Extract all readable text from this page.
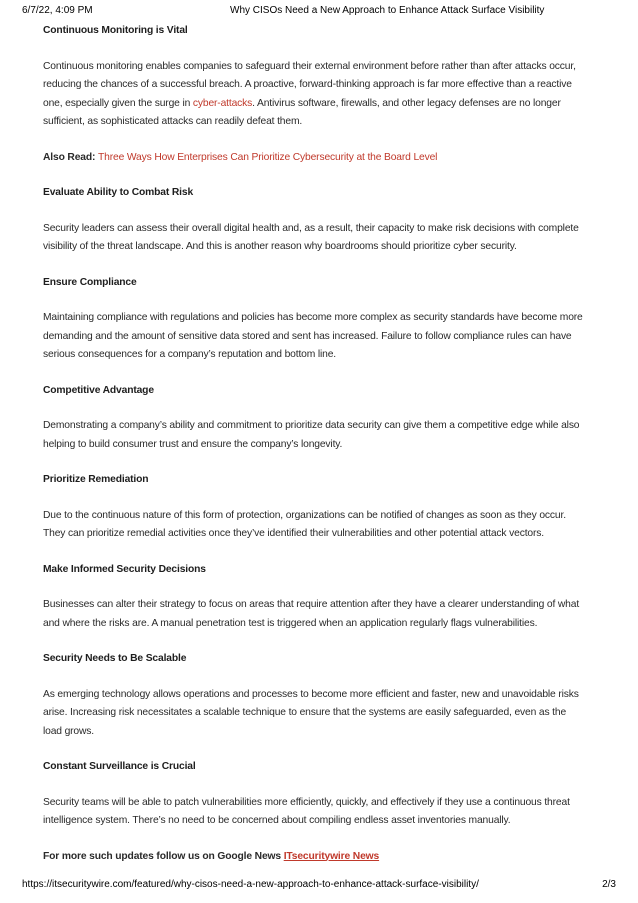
6/7/22, 4:09 PM	Why CISOs Need a New Approach to Enhance Attack Surface Visibility

Continuous Monitoring is Vital

Continuous monitoring enables companies to safeguard their external environment before rather than after attacks occur, reducing the chances of a successful breach. A proactive, forward-thinking approach is far more effective than a reactive one, especially given the surge in cyber-attacks. Antivirus software, firewalls, and other legacy defenses are no longer sufficient, as sophisticated attacks can readily defeat them.

Also Read: Three Ways How Enterprises Can Prioritize Cybersecurity at the Board Level

Evaluate Ability to Combat Risk

Security leaders can assess their overall digital health and, as a result, their capacity to make risk decisions with complete visibility of the threat landscape. And this is another reason why boardrooms should prioritize cyber security.

Ensure Compliance

Maintaining compliance with regulations and policies has become more complex as security standards have become more demanding and the amount of sensitive data stored and sent has increased. Failure to follow compliance rules can have serious consequences for a company’s reputation and bottom line.

Competitive Advantage

Demonstrating a company’s ability and commitment to prioritize data security can give them a competitive edge while also helping to build consumer trust and ensure the company’s longevity.

Prioritize Remediation

Due to the continuous nature of this form of protection, organizations can be notified of changes as soon as they occur. They can prioritize remedial activities once they’ve identified their vulnerabilities and other potential attack vectors.

Make Informed Security Decisions

Businesses can alter their strategy to focus on areas that require attention after they have a clearer understanding of what and where the risks are. A manual penetration test is triggered when an application regularly flags vulnerabilities.

Security Needs to Be Scalable

As emerging technology allows operations and processes to become more efficient and faster, new and unavoidable risks arise. Increasing risk necessitates a scalable technique to ensure that the systems are easily safeguarded, even as the load grows.

Constant Surveillance is Crucial

Security teams will be able to patch vulnerabilities more efficiently, quickly, and effectively if they use a continuous threat intelligence system. There’s no need to be concerned about compiling endless asset inventories manually.

For more such updates follow us on Google News ITsecuritywire News

https://itsecuritywire.com/featured/why-cisos-need-a-new-approach-to-enhance-attack-surface-visibility/	2/3
